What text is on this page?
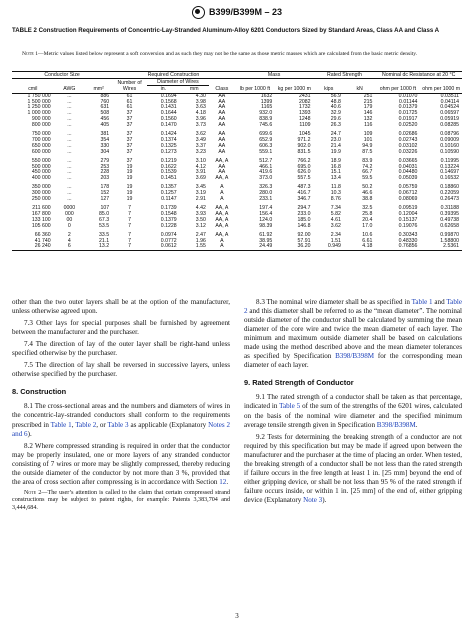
B399/B399M – 23
TABLE 2 Construction Requirements of Concentric-Lay-Stranded Aluminum-Alloy 6201 Conductors Sized by Standard Areas, Class AA and Class A
Note 1—Metric values listed below represent a soft conversion and as such they may not be the same as those metric masses which are calculated from the basic metric density.
Conductor Size			Required Construction				Mass		Rated Strength		Nominal dc Resistance at 20 °C	
cmil	AWG	mm²	Number of Wires	Diameter of Wires		Class	lb per 1000 ft	kg per 1000 m	kips	kN	ohm per 1000 ft	ohm per 1000 m
				in.	mm							
1 750 000	...	886	61	0.1694	4.30	AA	1632	2431	56.9	251	0.01070	0.03511
1 500 000	...	760	61	0.1568	3.98	AA	1399	2082	48.8	215	0.01144	0.04114
1 250 000	...	631	61	0.1431	3.63	AA	1165	1732	40.6	179	0.01379	0.04524
1 000 000	...	508	37	0.1644	4.18	AA	932.0	1393	32.9	146	0.01725	0.06597
900 000	...	456	37	0.1560	3.96	AA	838.9	1248	29.6	132	0.01917	0.05919
800 000	...	405	37	0.1470	3.73	AA	745.6	1109	26.3	116	0.02520	0.08285

750 000	...	381	37	0.1424	3.62	AA	699.6	1045	24.7	109	0.02686	0.08796
700 000	...	354	37	0.1374	3.49	AA	652.9	971.2	23.0	101	0.02743	0.09009
650 000	...	330	37	0.1325	3.37	AA	606.3	902.0	21.4	94.9	0.03102	0.10160
600 000	...	304	37	0.1273	3.23	AA	559.1	831.5	19.9	87.5	0.03226	0.10590

550 000	...	279	37	0.1219	3.10	AA, A	512.7	766.2	18.9	83.9	0.03665	0.11995
500 000	...	253	19	0.1622	4.12	AA	466.1	695.0	16.8	74.2	0.04031	0.13224
450 000	...	228	19	0.1539	3.91	AA	419.6	626.0	15.1	66.7	0.04480	0.14697
400 000	...	203	19	0.1451	3.69	AA, A	373.0	557.5	13.4	59.5	0.05039	0.16532

350 000	...	178	19	0.1357	3.45	A	326.3	487.3	11.8	50.2	0.05759	0.18860
300 000	...	152	19	0.1257	3.19	A	280.0	416.7	10.3	46.6	0.06712	0.22059
250 000	...	127	19	0.1147	2.91	A	233.1	346.7	8.76	38.8	0.08069	0.26473

211 600	0000	107	7	0.1739	4.42	AA, A	197.4	294.7	7.34	32.5	0.09519	0.31188
167 800	000	85.0	7	0.1548	3.93	AA, A	156.4	233.0	5.82	25.8	0.12004	0.39395
133 100	00	67.3	7	0.1379	3.50	AA, A	124.0	185.0	4.61	20.4	0.15137	0.49738
105 600	0	53.5	7	0.1228	3.12	AA, A	98.39	146.8	3.62	17.0	0.19076	0.62658

66 360	2	33.5	7	0.0974	2.47	AA, A	61.92	92.00	2.34	10.6	0.30343	0.99870
41 740	4	21.1	7	0.0772	1.96	A	38.95	57.91	1.51	6.61	0.48330	1.58800
26 240	6	13.2	7	0.0612	1.55	A	24.49	36.20	0.949	4.18	0.76856	2.5361

other than the two outer layers shall be at the option of the manufacturer, unless otherwise agreed upon.

7.3 Other lays for special purposes shall be furnished by agreement between the manufacturer and the purchaser.

7.4 The direction of lay of the outer layer shall be right-hand unless specified otherwise by the purchaser.

7.5 The direction of lay shall be reversed in successive layers, unless otherwise specified by the purchaser.

8. Construction

8.1 The cross-sectional areas and the numbers and diameters of wires in the concentric-lay-stranded conductors shall conform to the requirements prescribed in Table 1, Table 2, or Table 3 as applicable (Explanatory Notes 2 and 6).

8.2 Where compressed stranding is required in order that the conductor may be properly insulated, one or more layers of any stranded conductor consisting of 7 wires or more may be slightly compressed, thereby reducing the outside diameter of the conductor by not more than 3 %, provided that the area of cross section after compressing is in accordance with Section 12.

Note 2—The user’s attention is called to the claim that certain compressed strand constructions may be subject to patent rights, for example: Patents 3,383,704 and 3,444,684.

8.3 The nominal wire diameter shall be as specified in Table 1 and Table 2 and this diameter shall be referred to as the “mean diameter”. The nominal outside diameter of the conductor shall be calculated by summing the mean diameter of the core wire and twice the mean diameter of each layer. The minimum and maximum outside diameter shall be based on calculations made using the method described above and the mean diameter tolerances as specified by Specification B398/B398M for the corresponding mean diameter of each layer.

9. Rated Strength of Conductor

9.1 The rated strength of a conductor shall be taken as that percentage, indicated in Table 5 of the sum of the strengths of the 6201 wires, calculated on the basis of the nominal wire diameter and the specified minimum average tensile strength given in Specification B398/B398M.

9.2 Tests for determining the breaking strength of a conductor are not required by this specification but may be made if agreed upon between the manufacturer and the purchaser at the time of placing an order. When tested, the breaking strength of a conductor shall be not less than the rated strength if failure occurs in the free length at least 1 in. [25 mm] beyond the end of either gripping device, or shall be not less than 95 % of the rated strength if failure occurs inside, or within 1 in. [25 mm] of the end of, either gripping device (Explanatory Note 3).

3
